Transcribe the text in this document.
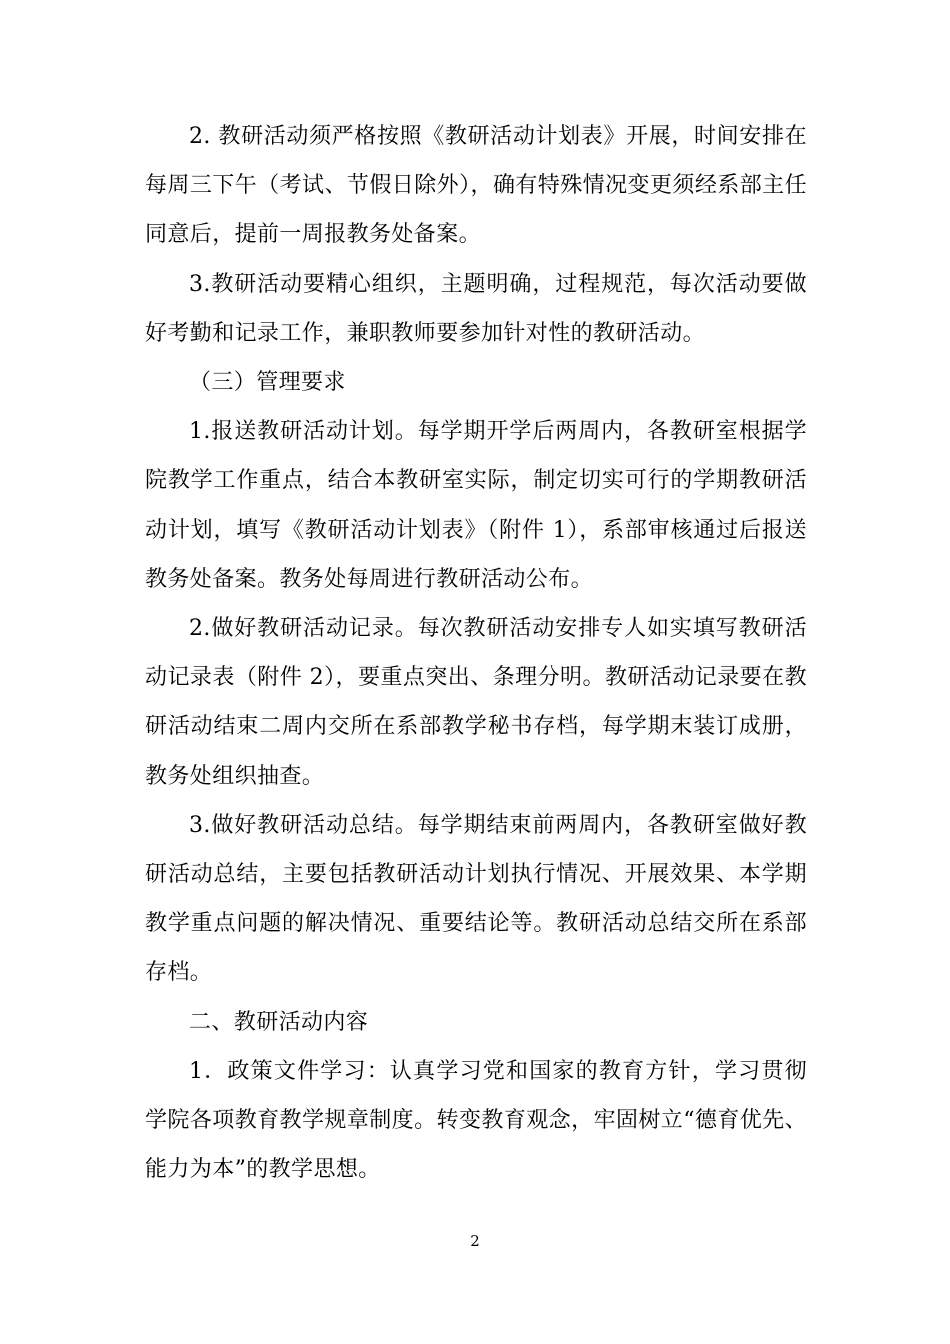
2. 教研活动须严格按照《教研活动计划表》开展，时间安排在每周三下午（考试、节假日除外），确有特殊情况变更须经系部主任同意后，提前一周报教务处备案。

3.教研活动要精心组织，主题明确，过程规范，每次活动要做好考勤和记录工作，兼职教师要参加针对性的教研活动。

（三）管理要求

1.报送教研活动计划。每学期开学后两周内，各教研室根据学院教学工作重点，结合本教研室实际，制定切实可行的学期教研活动计划，填写《教研活动计划表》（附件 1），系部审核通过后报送教务处备案。教务处每周进行教研活动公布。

2.做好教研活动记录。每次教研活动安排专人如实填写教研活动记录表（附件 2），要重点突出、条理分明。教研活动记录要在教研活动结束二周内交所在系部教学秘书存档，每学期末装订成册，教务处组织抽查。

3.做好教研活动总结。每学期结束前两周内，各教研室做好教研活动总结，主要包括教研活动计划执行情况、开展效果、本学期教学重点问题的解决情况、重要结论等。教研活动总结交所在系部存档。

二、教研活动内容

1．政策文件学习：认真学习党和国家的教育方针，学习贯彻学院各项教育教学规章制度。转变教育观念，牢固树立“德育优先、能力为本”的教学思想。

2
